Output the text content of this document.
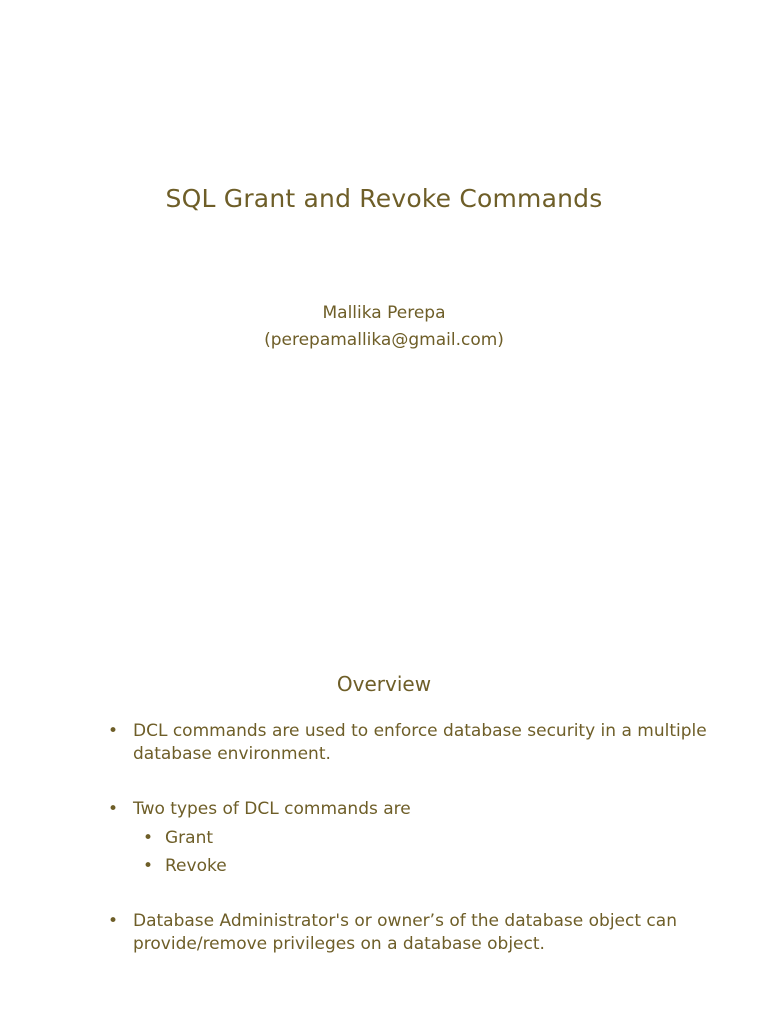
SQL Grant and Revoke Commands
Mallika Perepa
(perepamallika@gmail.com)
Overview
• DCL commands are used to enforce database security in a multiple database environment.
• Two types of DCL commands are
• Grant
• Revoke
• Database Administrator's or owner’s of the database object can provide/remove privileges on a database object.
